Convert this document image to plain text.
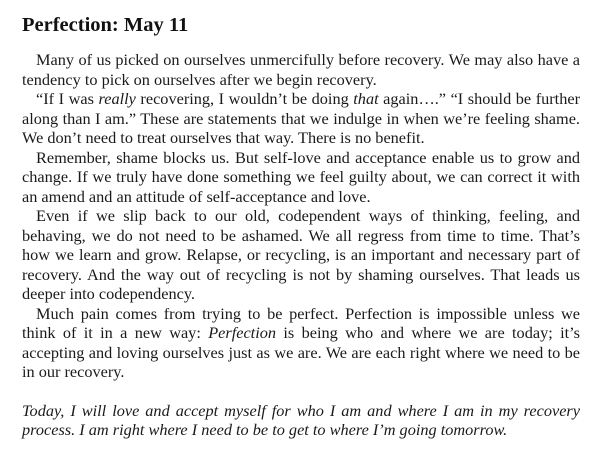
Perfection: May 11

Many of us picked on ourselves unmercifully before recovery. We may also have a tendency to pick on ourselves after we begin recovery.

“If I was really recovering, I wouldn’t be doing that again….” “I should be further along than I am.” These are statements that we indulge in when we’re feeling shame. We don’t need to treat ourselves that way. There is no benefit.

Remember, shame blocks us. But self-love and acceptance enable us to grow and change. If we truly have done something we feel guilty about, we can correct it with an amend and an attitude of self-acceptance and love.

Even if we slip back to our old, codependent ways of thinking, feeling, and behaving, we do not need to be ashamed. We all regress from time to time. That’s how we learn and grow. Relapse, or recycling, is an important and necessary part of recovery. And the way out of recycling is not by shaming ourselves. That leads us deeper into codependency.

Much pain comes from trying to be perfect. Perfection is impossible unless we think of it in a new way: Perfection is being who and where we are today; it’s accepting and loving ourselves just as we are. We are each right where we need to be in our recovery.

Today, I will love and accept myself for who I am and where I am in my recovery process. I am right where I need to be to get to where I’m going tomorrow.
